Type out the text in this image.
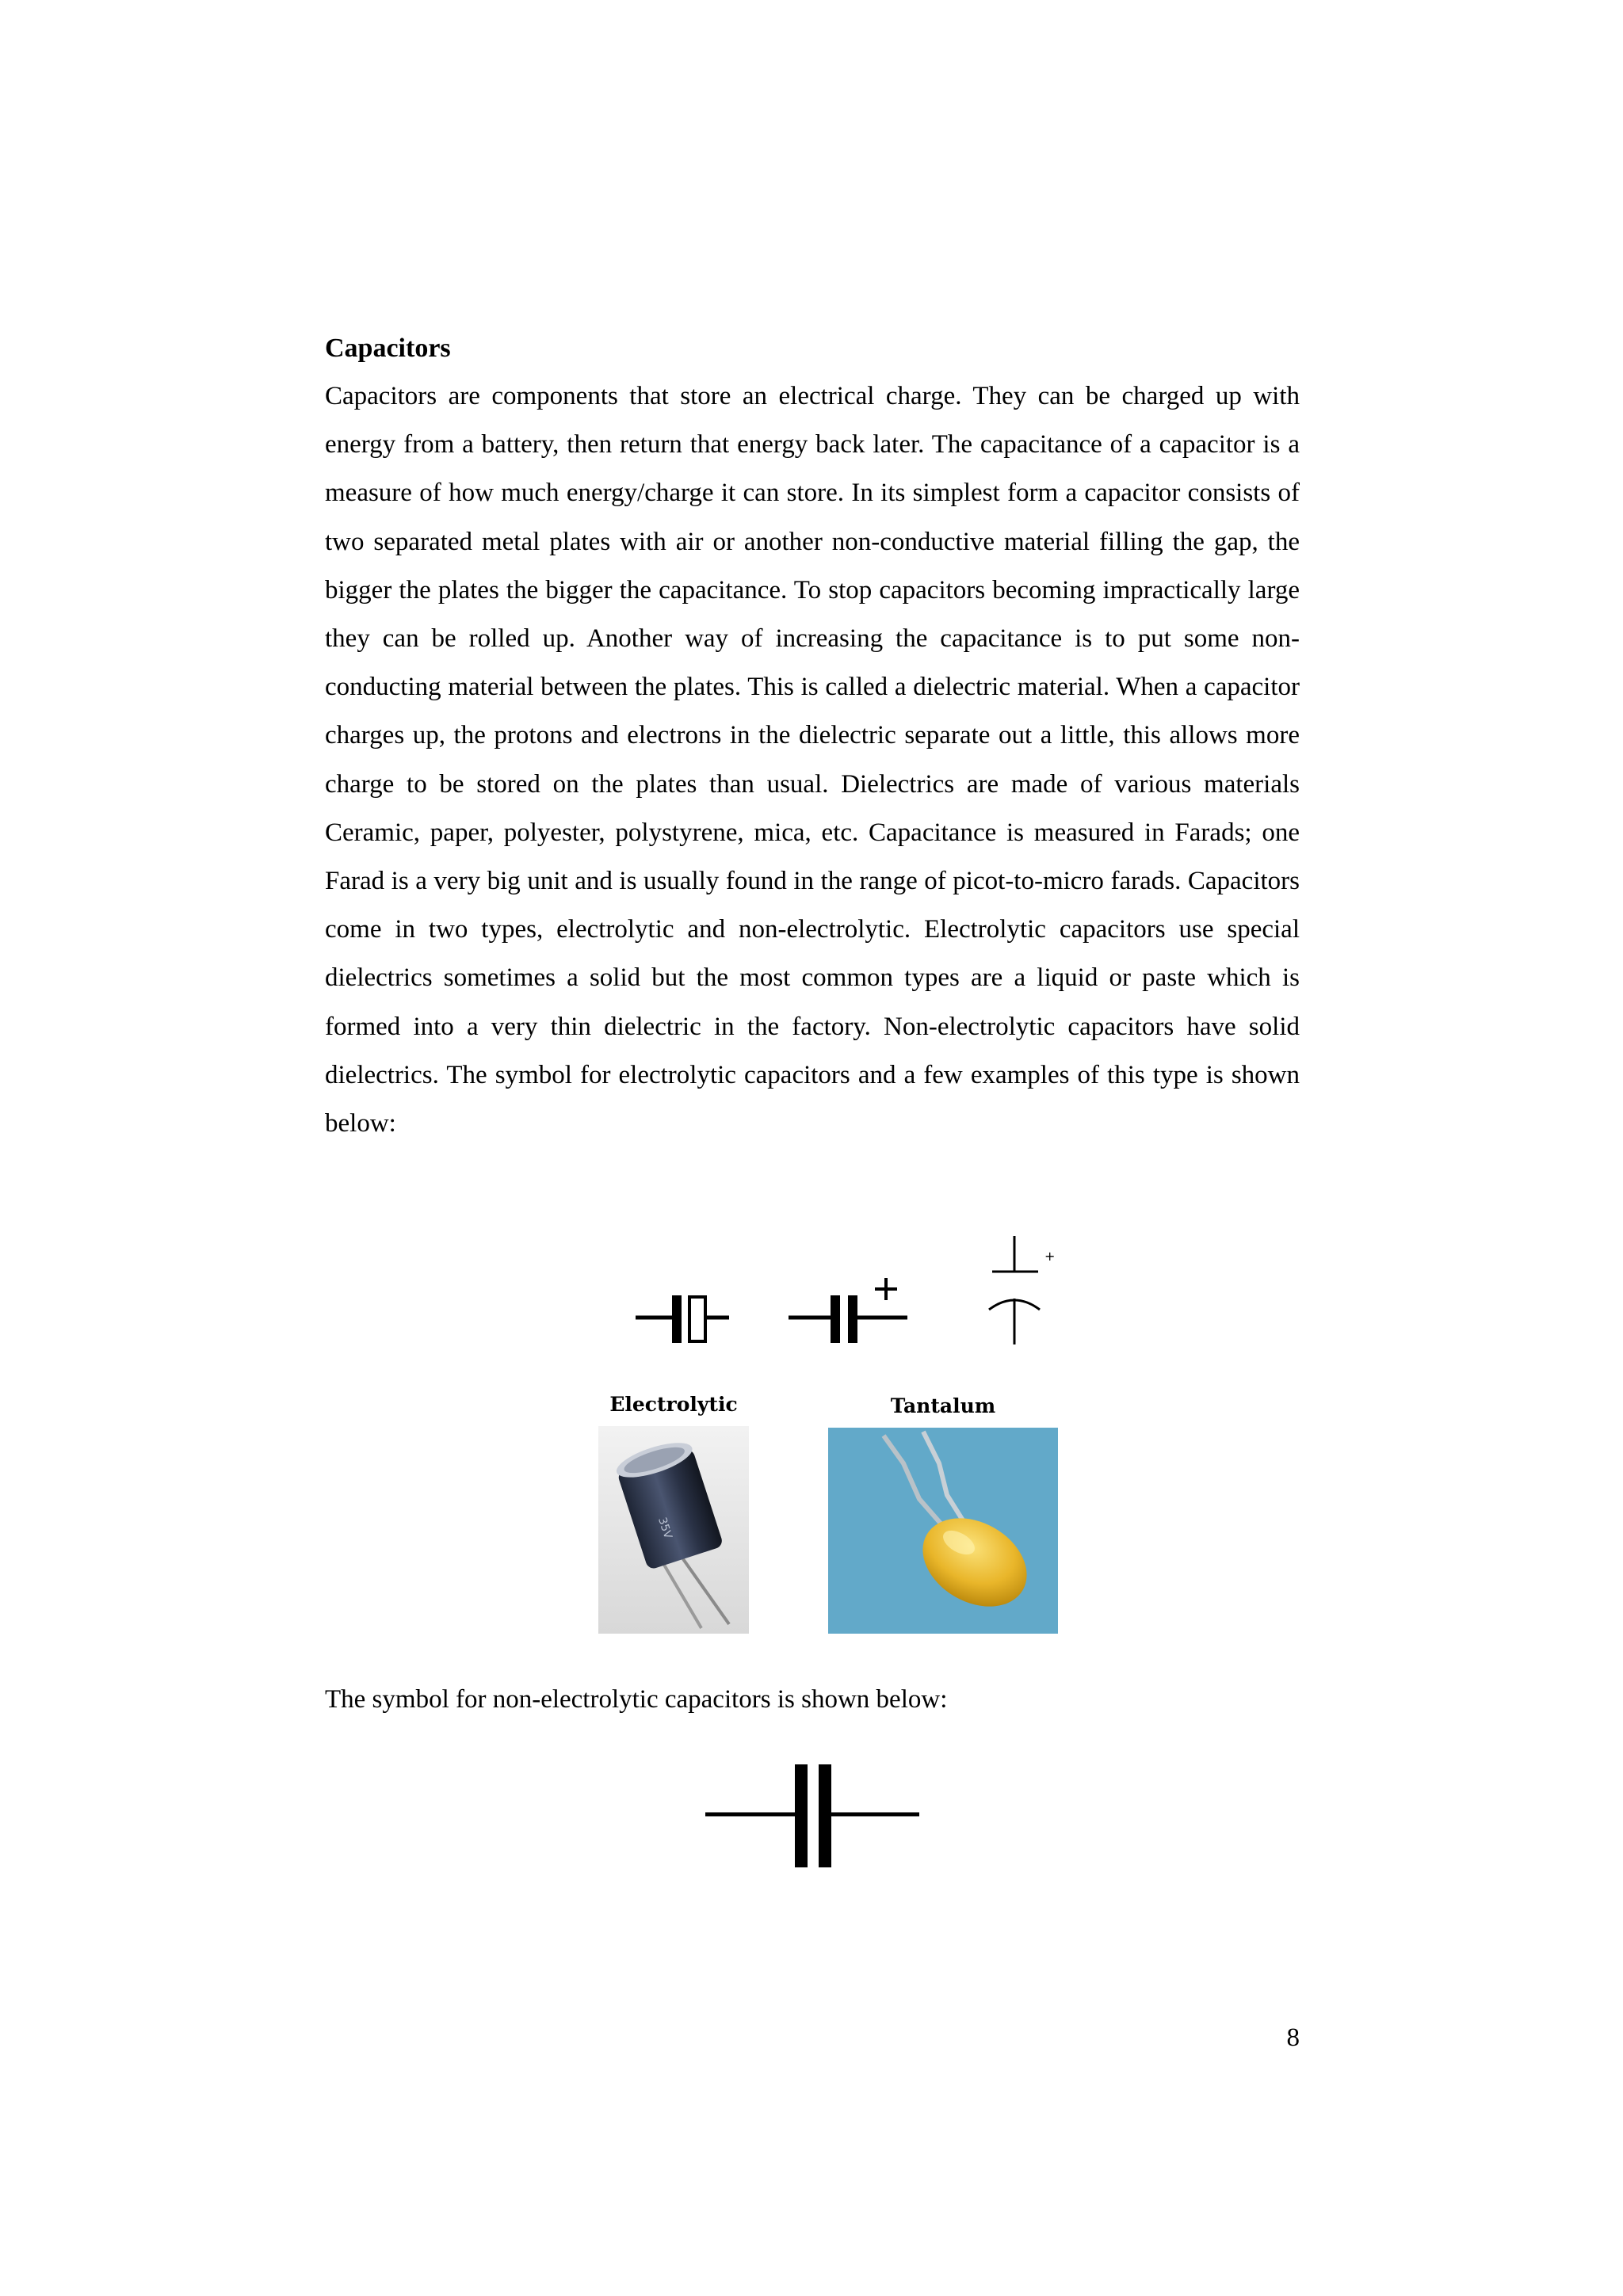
Capacitors

Capacitors are components that store an electrical charge. They can be charged up with energy from a battery, then return that energy back later. The capacitance of a capacitor is a measure of how much energy/charge it can store. In its simplest form a capacitor consists of two separated metal plates with air or another non-conductive material filling the gap, the bigger the plates the bigger the capacitance. To stop capacitors becoming impractically large they can be rolled up. Another way of increasing the capacitance is to put some non-conducting material between the plates. This is called a dielectric material. When a capacitor charges up, the protons and electrons in the dielectric separate out a little, this allows more charge to be stored on the plates than usual. Dielectrics are made of various materials Ceramic, paper, polyester, polystyrene, mica, etc. Capacitance is measured in Farads; one Farad is a very big unit and is usually found in the range of picot-to-micro farads. Capacitors come in two types, electrolytic and non-electrolytic. Electrolytic capacitors use special dielectrics sometimes a solid but the most common types are a liquid or paste which is formed into a very thin dielectric in the factory. Non-electrolytic capacitors have solid dielectrics. The symbol for electrolytic capacitors and a few examples of this type is shown below:

+
Electrolytic	Tantalum
35V
The symbol for non-electrolytic capacitors is shown below:
8
